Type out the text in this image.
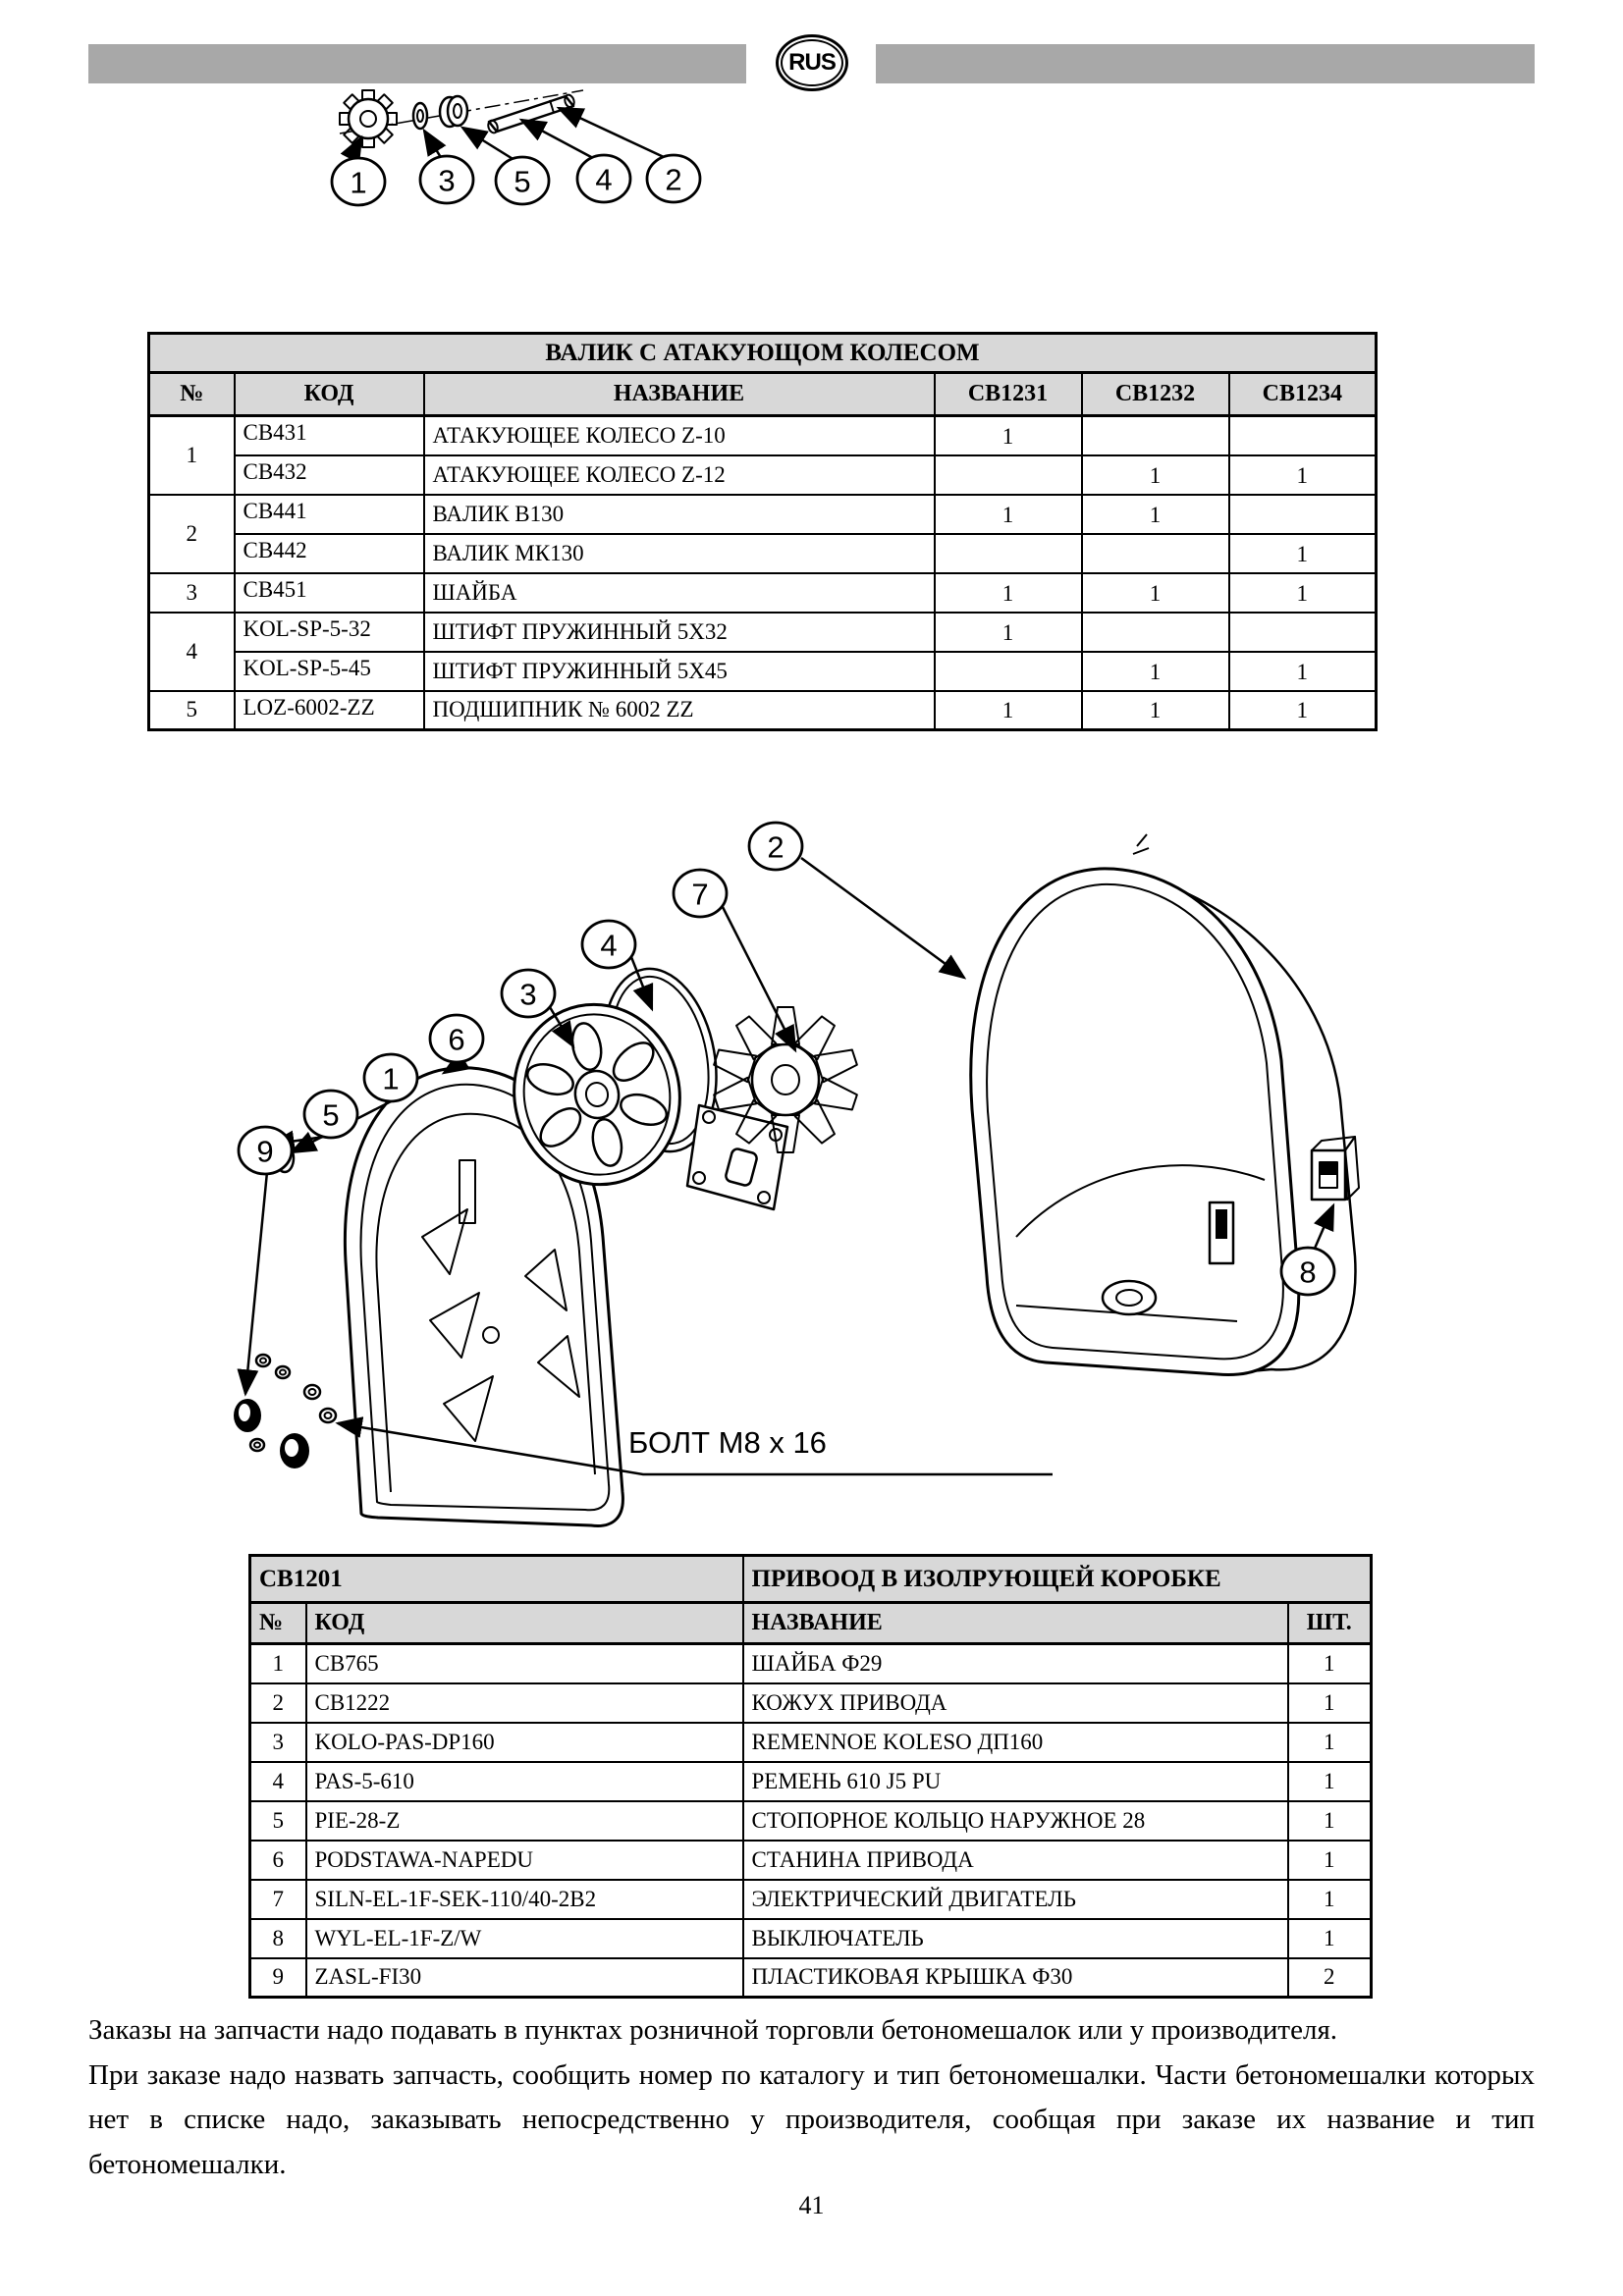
RUS
1 3 5 4 2
ВАЛИК С АТАКУЮЩОМ КОЛЕСОМ					
№	КОД	НАЗВАНИЕ	СВ1231	СВ1232	СВ1234
1	СВ431	АТАКУЮЩЕЕ КОЛЕСО Z-10	1		
	СВ432	АТАКУЮЩЕЕ КОЛЕСО Z-12		1	1
2	СВ441	ВАЛИК В130	1	1	
	СВ442	ВАЛИК МК130			1
3	СВ451	ШАЙБА	1	1	1
4	KOL-SP-5-32	ШТИФТ ПРУЖИННЫЙ 5Х32	1		
	KOL-SP-5-45	ШТИФТ ПРУЖИННЫЙ 5Х45		1	1
5	LOZ-6002-ZZ	ПОДШИПНИК № 6002 ZZ	1	1	1
БОЛТ М8 x 16
2
7
4
3
6
1
5
9
8
СВ1201		ПРИВООД В ИЗОЛРУЮЩЕЙ КОРОБКЕ	
№	КОД	НАЗВАНИЕ	ШТ.
1	СВ765	ШАЙБА Ф29	1
2	СВ1222	КОЖУХ ПРИВОДА	1
3	KOLO-PAS-DP160	REMENNOE KOLESO ДП160	1
4	PAS-5-610	РЕМЕНЬ 610 J5 PU	1
5	PIE-28-Z	СТОПОРНОЕ КОЛЬЦО НАРУЖНОЕ 28	1
6	PODSTAWA-NAPEDU	СТАНИНА ПРИВОДА	1
7	SILN-EL-1F-SEK-110/40-2B2	ЭЛЕКТРИЧЕСКИЙ ДВИГАТЕЛЬ	1
8	WYL-EL-1F-Z/W	ВЫКЛЮЧАТЕЛЬ	1
9	ZASL-FI30	ПЛАСТИКОВАЯ КРЫШКА Ф30	2

Заказы на запчасти надо подавать в пунктах розничной торговли бетономешалок или у производителя.

При заказе надо назвать запчасть, сообщить номер по каталогу и тип бетономешалки. Части бетономешалки которых нет в списке надо, заказывать непосредственно у производителя, сообщая при заказе их название и тип бетономешалки.

41
